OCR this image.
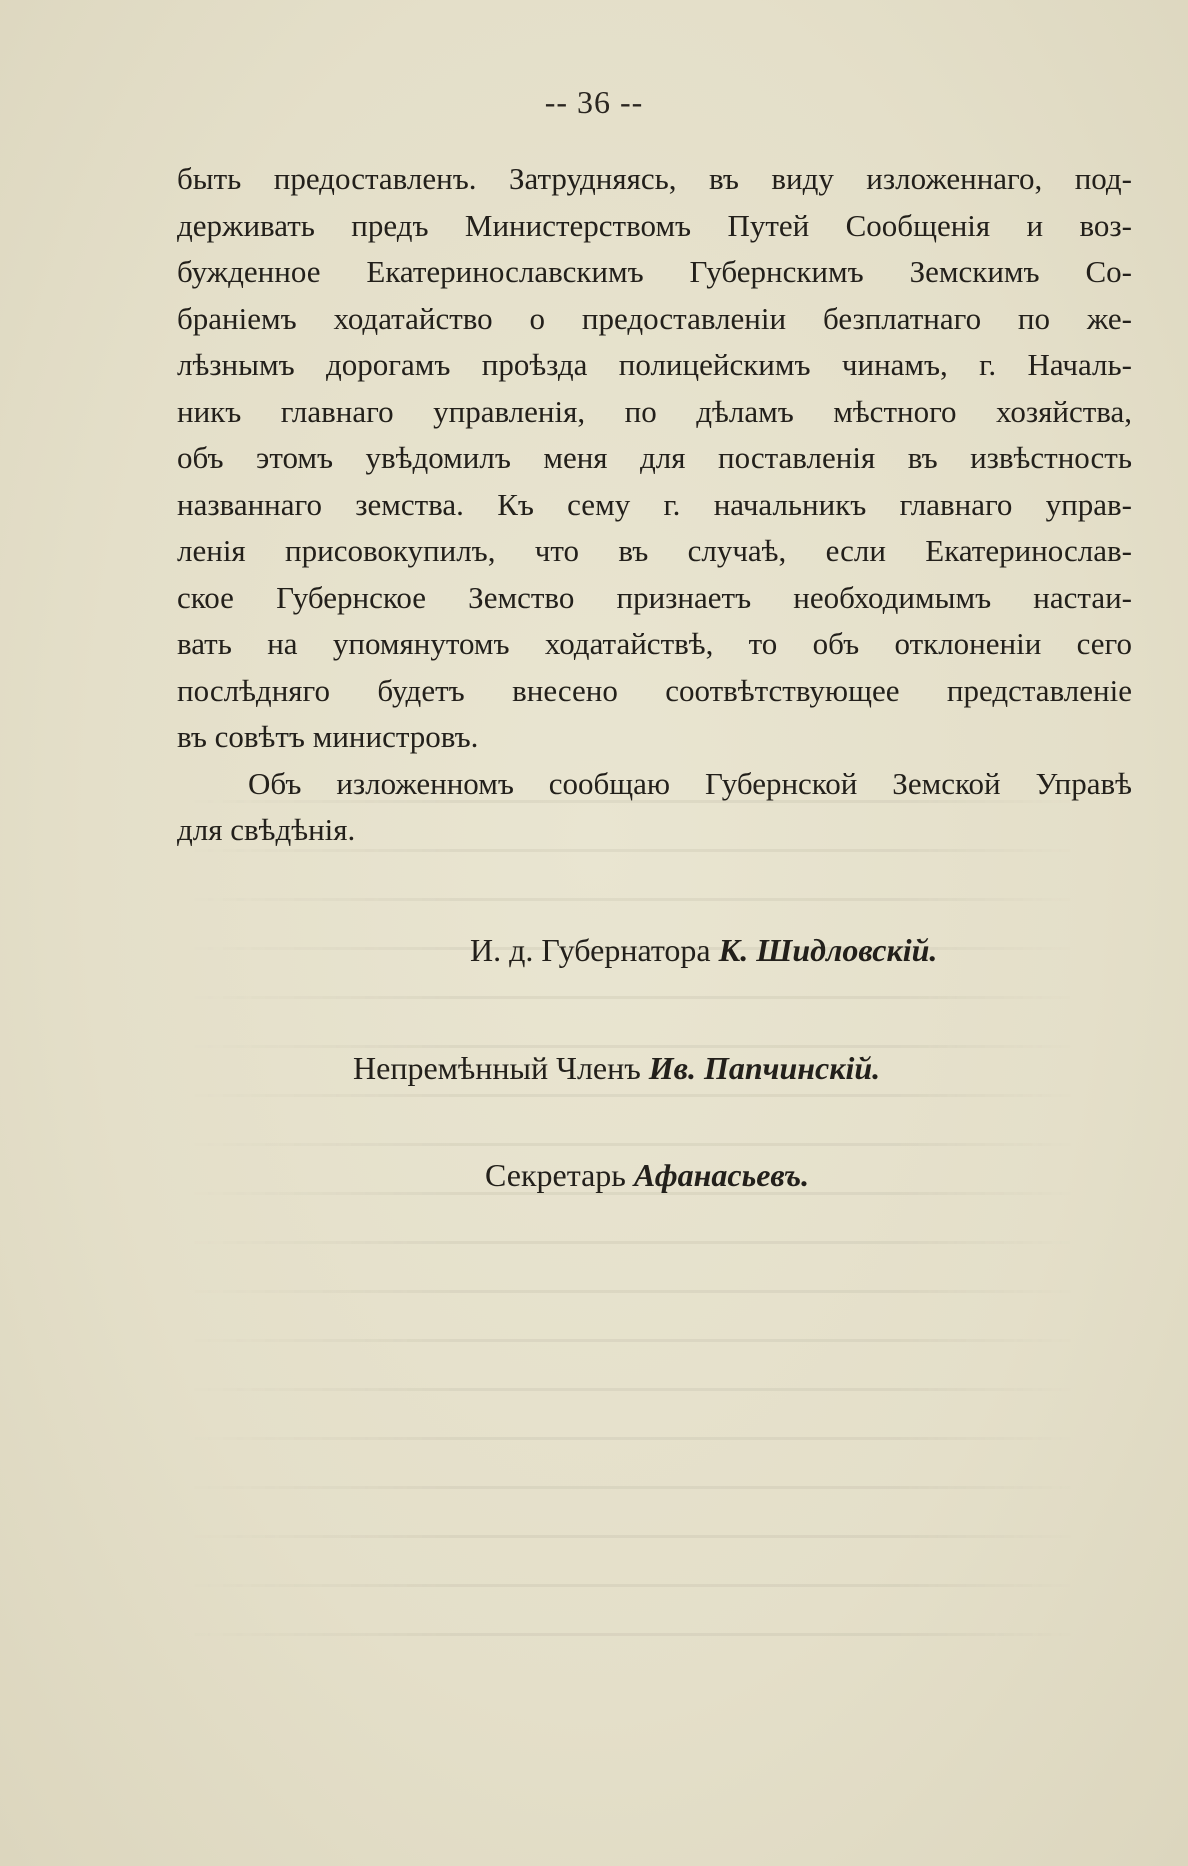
-- 36 --

быть предоставленъ. Затрудняясь, въ виду изложеннаго, под-
держивать предъ Министерствомъ Путей Сообщенія и воз-
бужденное Екатеринославскимъ Губернскимъ Земскимъ Со-
браніемъ ходатайство о предоставленіи безплатнаго по же-
лѣзнымъ дорогамъ проѣзда полицейскимъ чинамъ, г. Началь-
никъ главнаго управленія, по дѣламъ мѣстного хозяйства,
объ этомъ увѣдомилъ меня для поставленія въ извѣстность
названнаго земства. Къ сему г. начальникъ главнаго управ-
ленія присовокупилъ, что въ случаѣ, если Екатеринослав-
ское Губернское Земство признаетъ необходимымъ настаи-
вать на упомянутомъ ходатайствѣ, то объ отклоненіи сего
послѣдняго будетъ внесено соотвѣтствующее представленіе
въ совѣтъ министровъ.

Объ изложенномъ сообщаю Губернской Земской Управѣ
для свѣдѣнія.

И. д. Губернатора К. Шидловскій.
Непремѣнный Членъ Ив. Папчинскій.
Секретарь Афанасьевъ.
